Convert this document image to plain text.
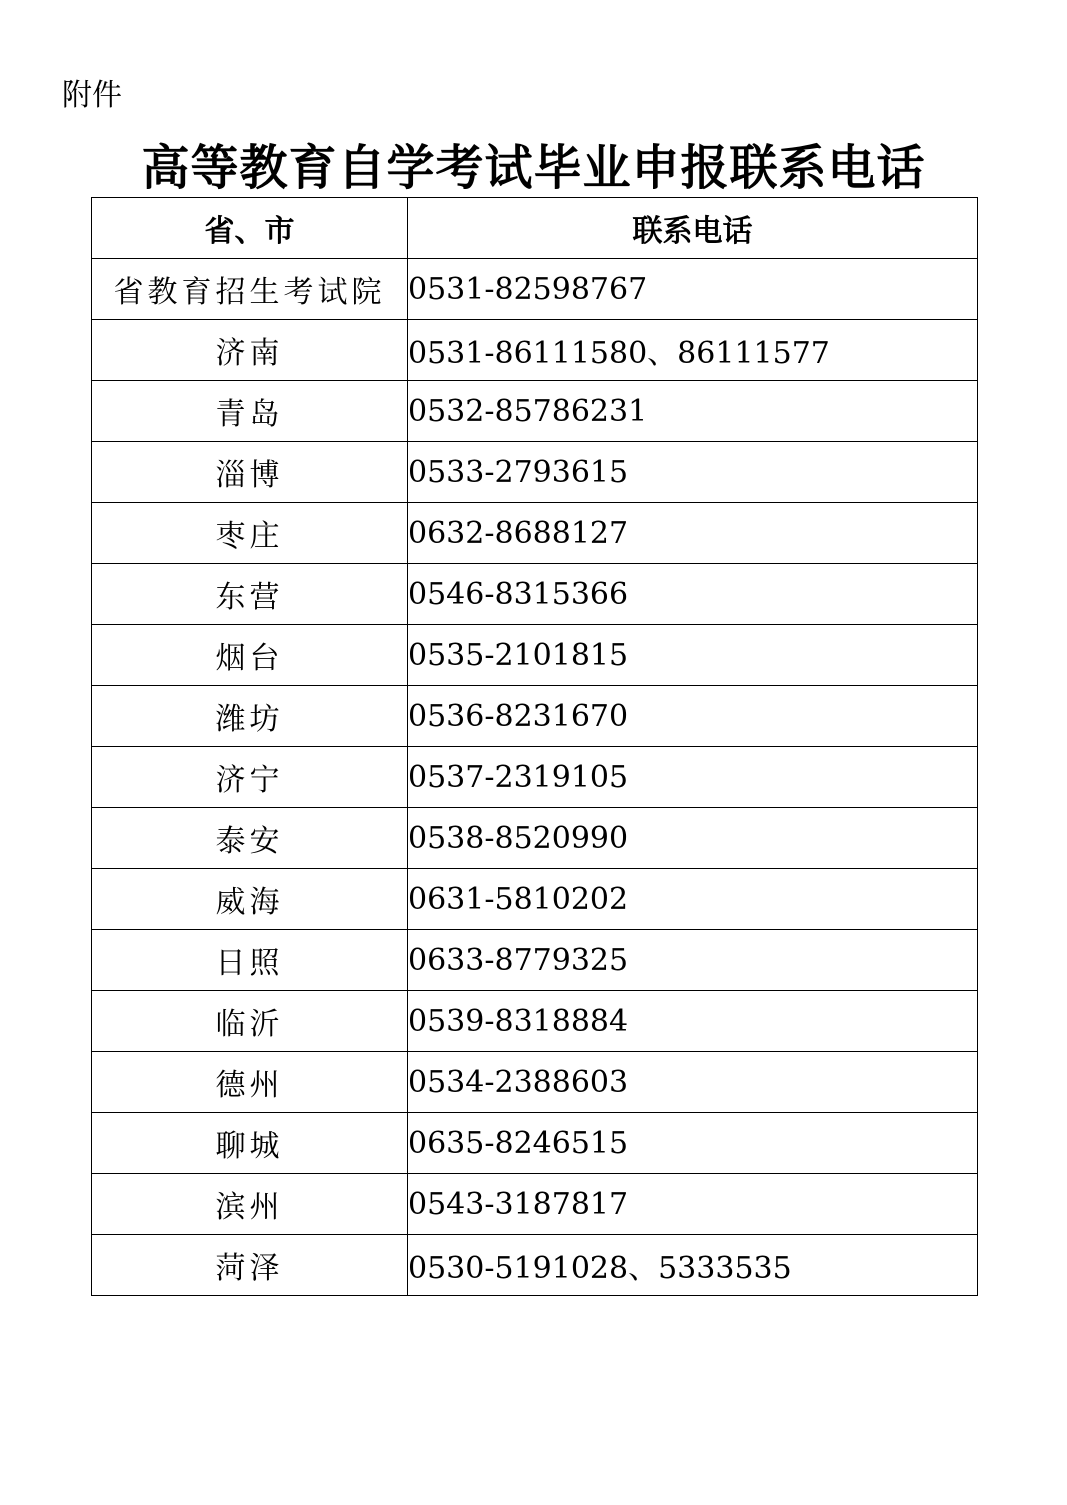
附件
高等教育自学考试毕业申报联系电话
省、市	联系电话
省教育招生考试院	0531-82598767
济南	0531-86111580、86111577
青岛	0532-85786231
淄博	0533-2793615
枣庄	0632-8688127
东营	0546-8315366
烟台	0535-2101815
潍坊	0536-8231670
济宁	0537-2319105
泰安	0538-8520990
威海	0631-5810202
日照	0633-8779325
临沂	0539-8318884
德州	0534-2388603
聊城	0635-8246515
滨州	0543-3187817
菏泽	0530-5191028、5333535
